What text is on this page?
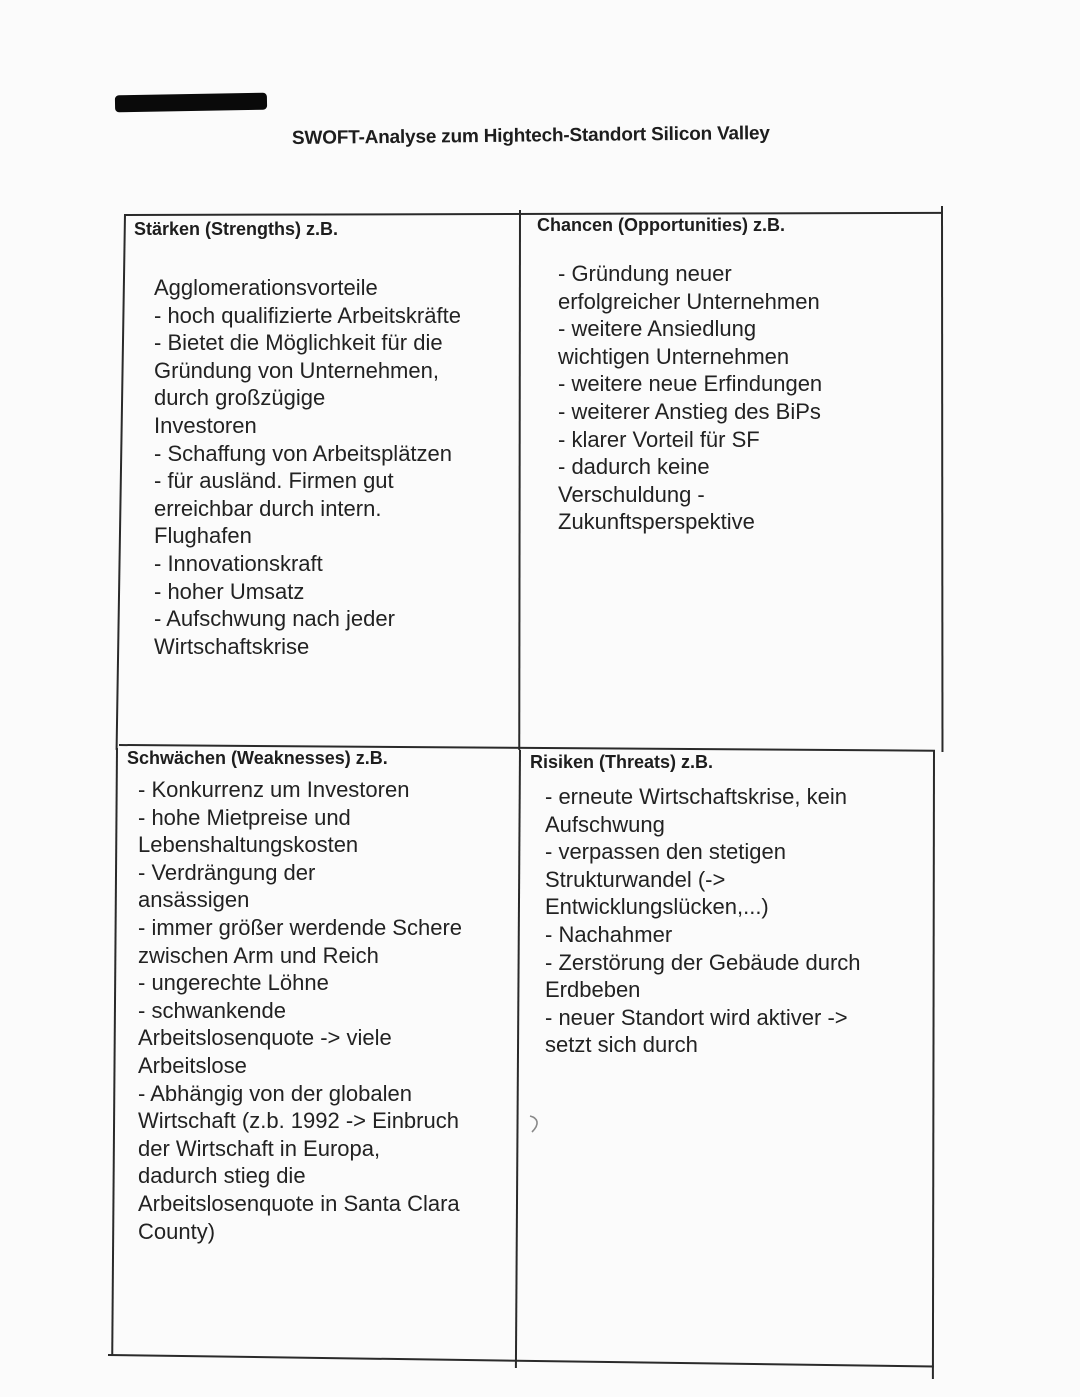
SWOFT-Analyse zum Hightech-Standort Silicon Valley
Stärken (Strengths) z.B.
Agglomerationsvorteile
- hoch qualifizierte Arbeitskräfte
- Bietet die Möglichkeit für die
Gründung von Unternehmen,
durch großzügige
Investoren
- Schaffung von Arbeitsplätzen
- für ausländ. Firmen gut
erreichbar durch intern.
Flughafen
- Innovationskraft
- hoher Umsatz
- Aufschwung nach jeder
Wirtschaftskrise
Chancen (Opportunities) z.B.
- Gründung neuer
erfolgreicher Unternehmen
- weitere Ansiedlung
wichtigen Unternehmen
- weitere neue Erfindungen
- weiterer Anstieg des BiPs
- klarer Vorteil für SF
- dadurch keine
Verschuldung -
Zukunftsperspektive
Schwächen (Weaknesses) z.B.
- Konkurrenz um Investoren
- hohe Mietpreise und
Lebenshaltungskosten
- Verdrängung der
ansässigen
- immer größer werdende Schere
zwischen Arm und Reich
- ungerechte Löhne
- schwankende
Arbeitslosenquote -> viele
Arbeitslose
- Abhängig von der globalen
Wirtschaft (z.b. 1992 -> Einbruch
der Wirtschaft in Europa,
dadurch stieg die
Arbeitslosenquote in Santa Clara
County)
Risiken (Threats) z.B.
- erneute Wirtschaftskrise, kein
Aufschwung
- verpassen den stetigen
Strukturwandel (->
Entwicklungslücken,...)
- Nachahmer
- Zerstörung der Gebäude durch
Erdbeben
- neuer Standort wird aktiver ->
setzt sich durch
